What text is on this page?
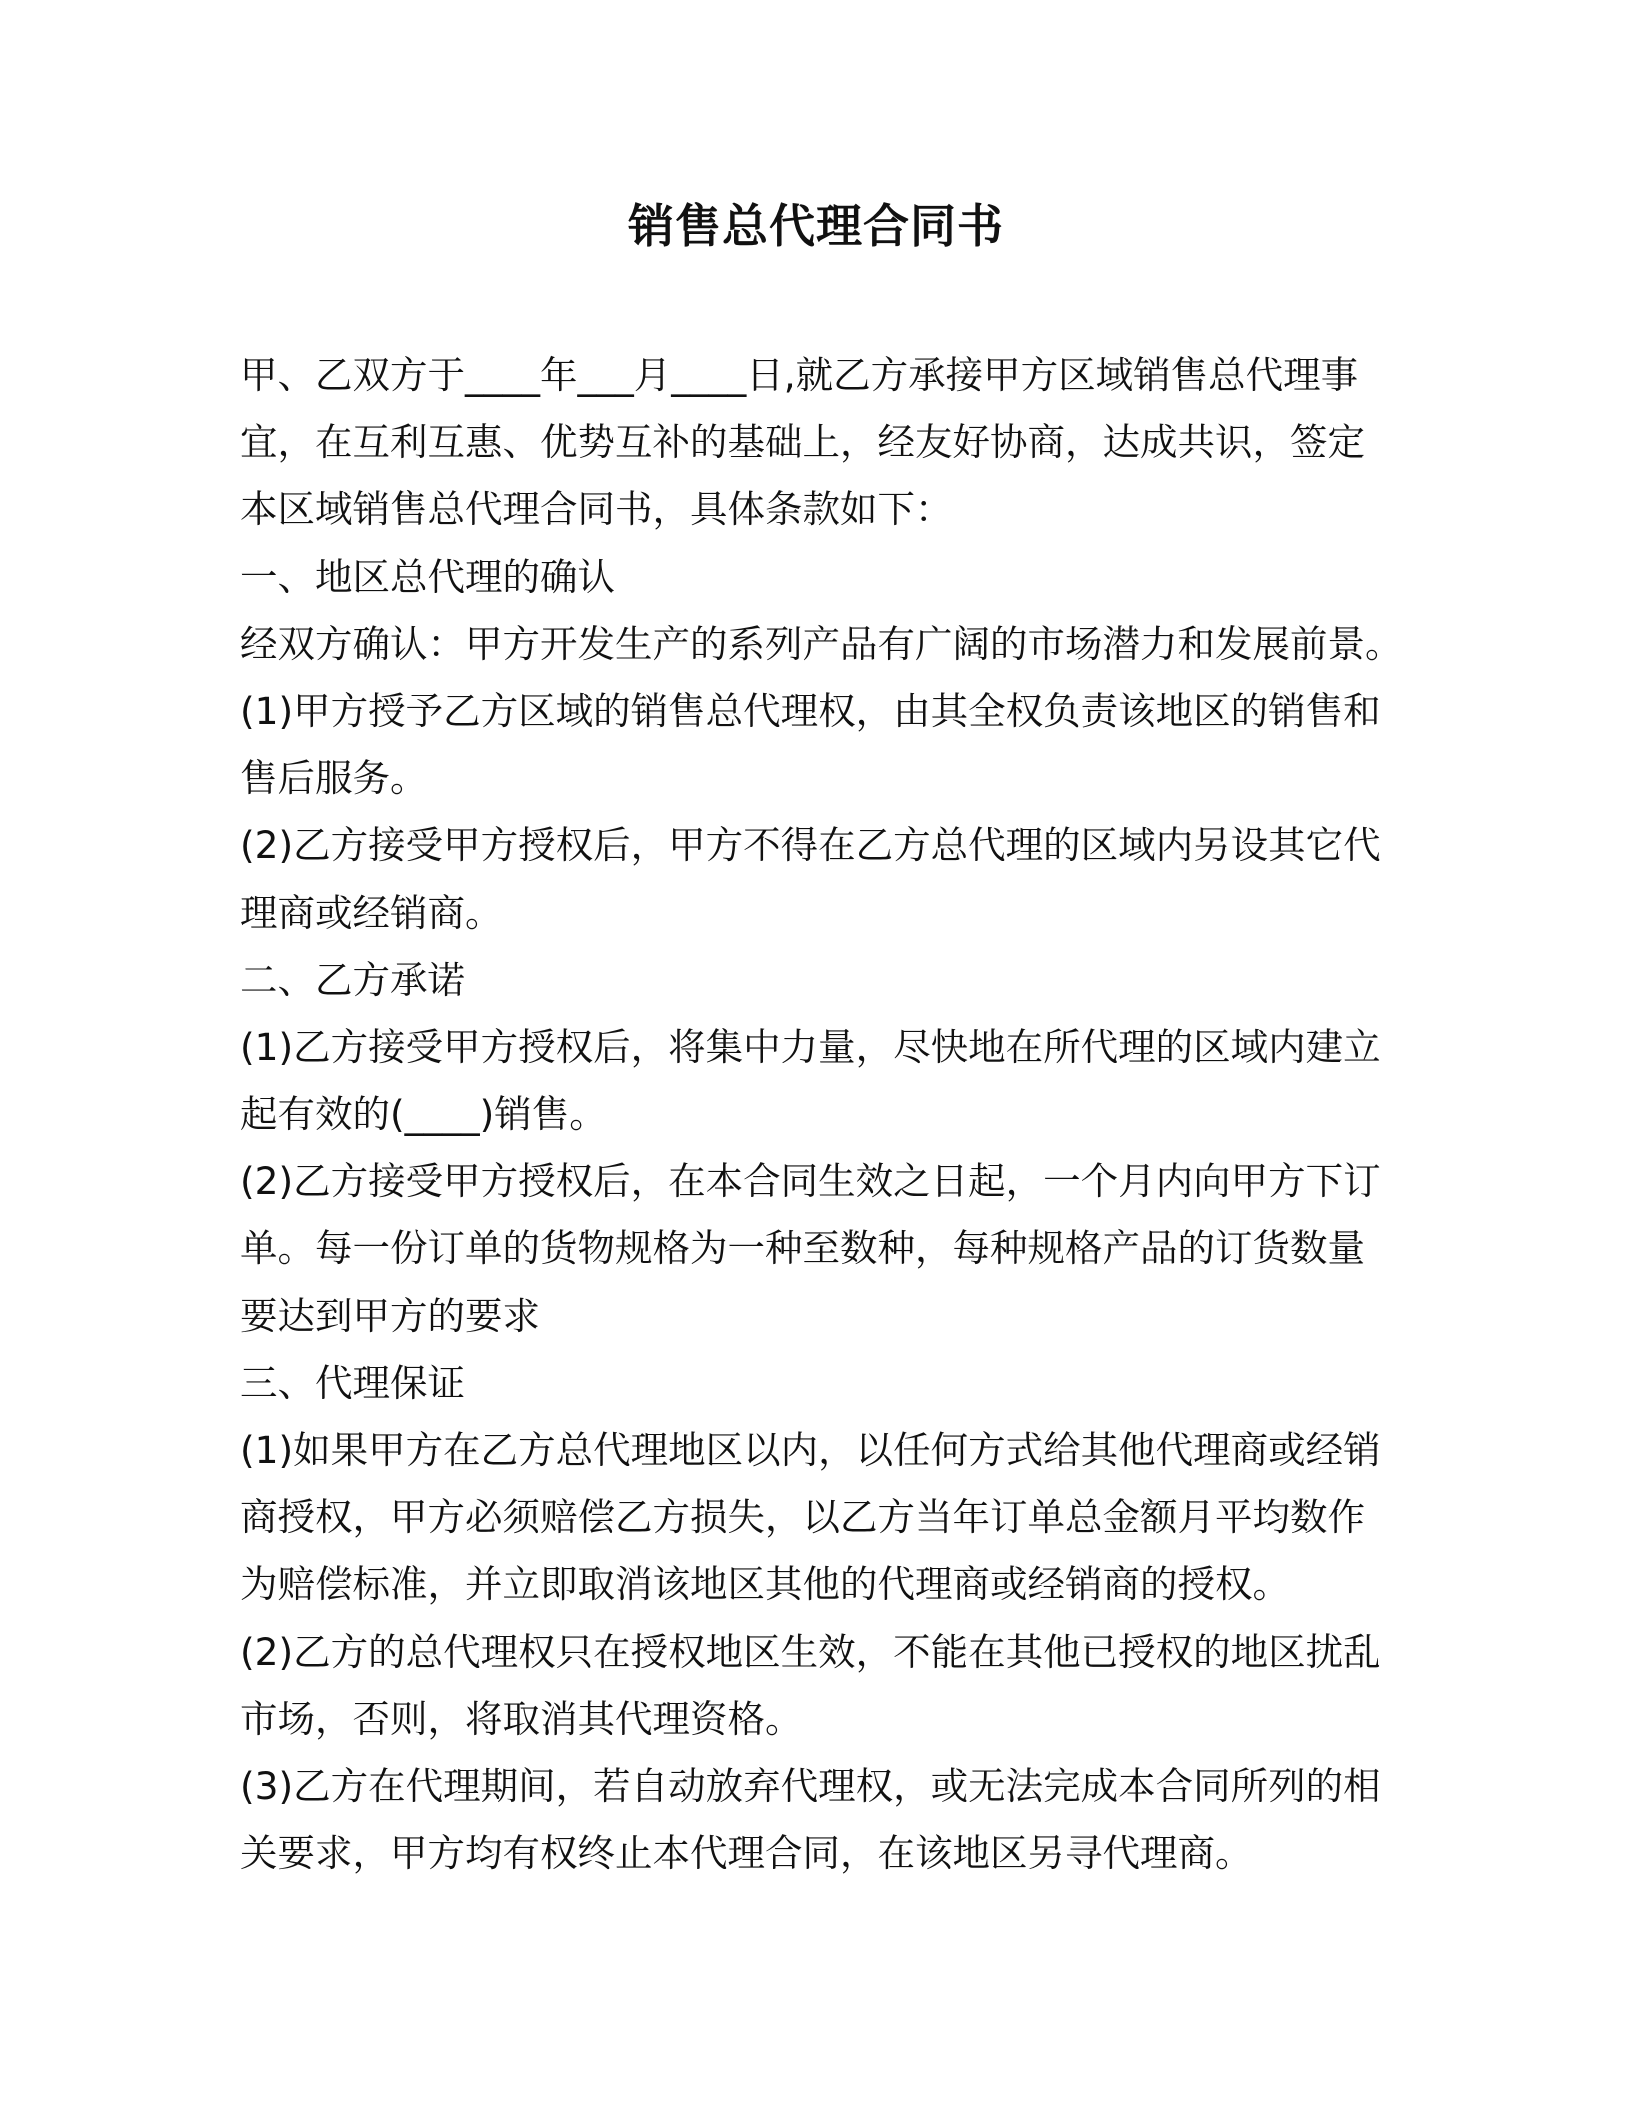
销售总代理合同书
甲、乙双方于____年___月____日,就乙方承接甲方区域销售总代理事
宜，在互利互惠、优势互补的基础上，经友好协商，达成共识，签定
本区域销售总代理合同书，具体条款如下：
一、地区总代理的确认
经双方确认：甲方开发生产的系列产品有广阔的市场潜力和发展前景。
(1)甲方授予乙方区域的销售总代理权，由其全权负责该地区的销售和
售后服务。
(2)乙方接受甲方授权后，甲方不得在乙方总代理的区域内另设其它代
理商或经销商。
二、乙方承诺
(1)乙方接受甲方授权后，将集中力量，尽快地在所代理的区域内建立
起有效的(____)销售。
(2)乙方接受甲方授权后，在本合同生效之日起，一个月内向甲方下订
单。每一份订单的货物规格为一种至数种，每种规格产品的订货数量
要达到甲方的要求
三、代理保证
(1)如果甲方在乙方总代理地区以内，以任何方式给其他代理商或经销
商授权，甲方必须赔偿乙方损失，以乙方当年订单总金额月平均数作
为赔偿标准，并立即取消该地区其他的代理商或经销商的授权。
(2)乙方的总代理权只在授权地区生效，不能在其他已授权的地区扰乱
市场，否则，将取消其代理资格。
(3)乙方在代理期间，若自动放弃代理权，或无法完成本合同所列的相
关要求，甲方均有权终止本代理合同，在该地区另寻代理商。
